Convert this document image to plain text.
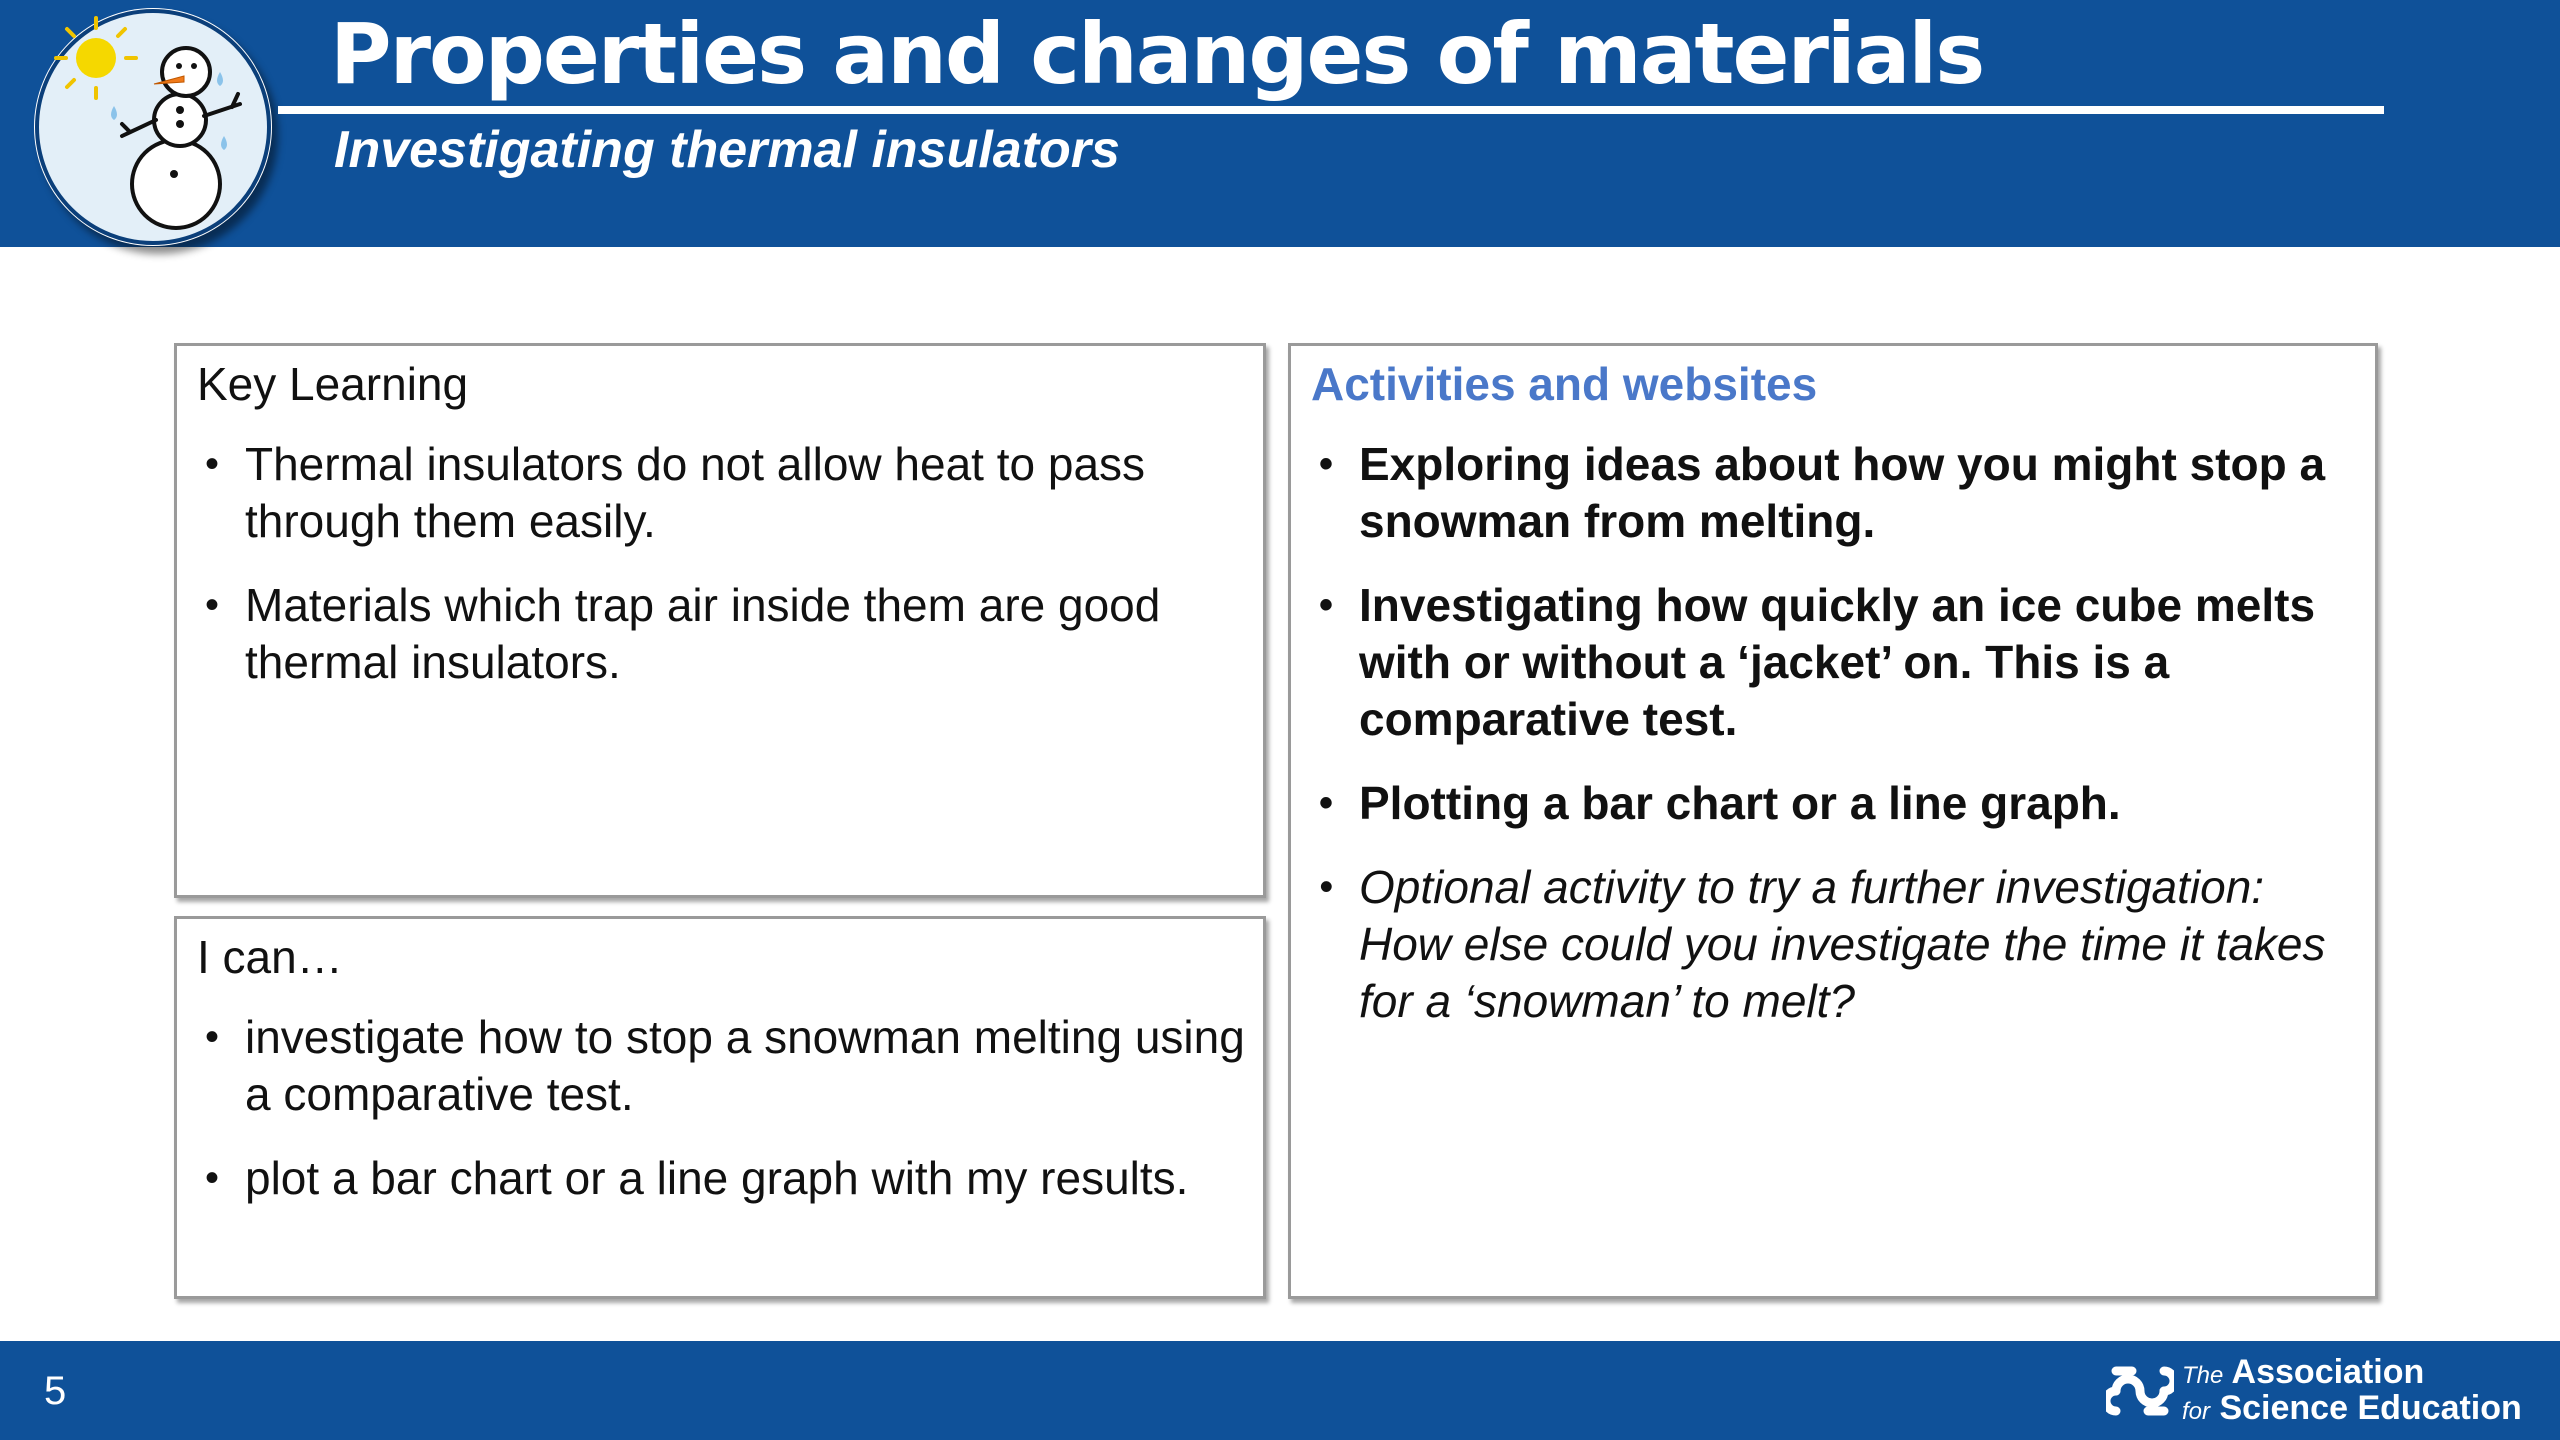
Properties and changes of materials
Investigating thermal insulators
Key Learning
• Thermal insulators do not allow heat to pass through them easily.
• Materials which trap air inside them are good thermal insulators.
I can…
• investigate how to stop a snowman melting using a comparative test.
• plot a bar chart or a line graph with my results.
Activities and websites
• Exploring ideas about how you might stop a snowman from melting.
• Investigating how quickly an ice cube melts with or without a ‘jacket’ on. This is a comparative test.
• Plotting a bar chart or a line graph.
• Optional activity to try a further investigation: How else could you investigate the time it takes for a ‘snowman’ to melt?
5	The Association
for Science Education
